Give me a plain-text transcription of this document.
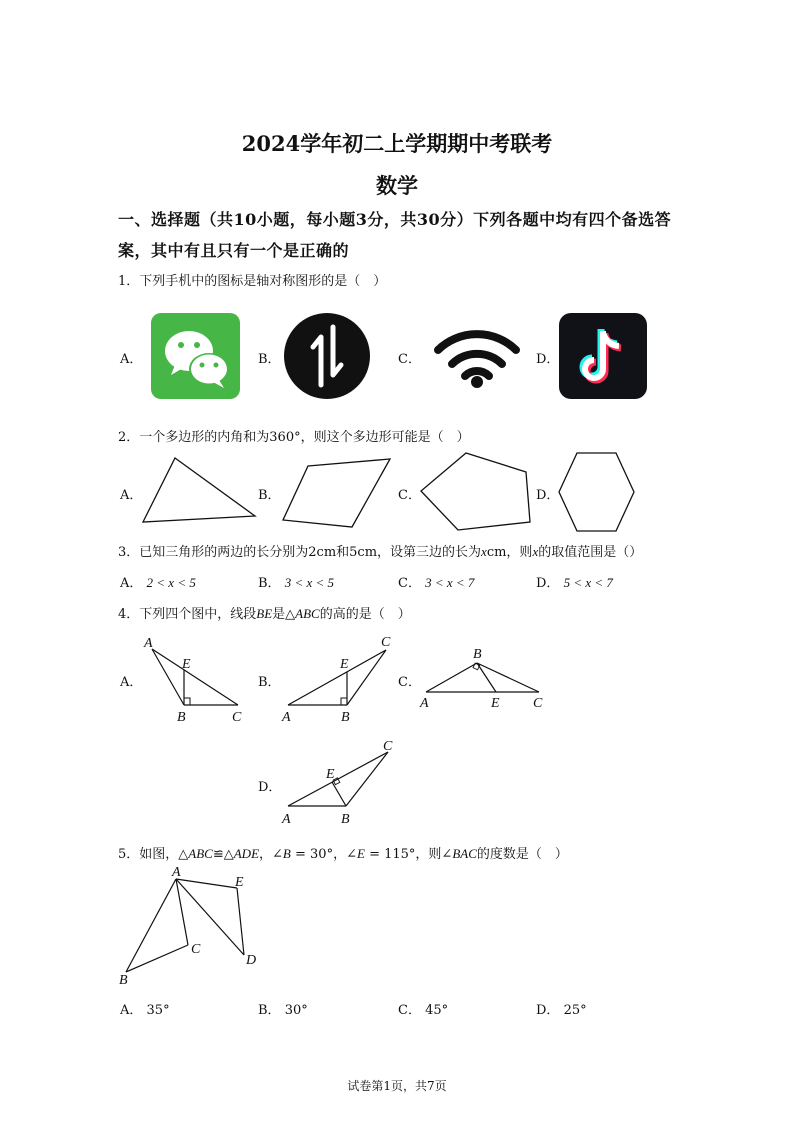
2024学年初二上学期期中考联考
数学
一、选择题（共10小题，每小题3分，共30分）下列各题中均有四个备选答
案，其中有且只有一个是正确的
1．下列手机中的图标是轴对称图形的是（　）
A．	B．	C．	D．
2．一个多边形的内角和为360°，则这个多边形可能是（　）
A．	B．	C．	D．
3．已知三角形的两边的长分别为2cm和5cm，设第三边的长为xcm，则x的取值范围是（）
A． 2 < x < 5	B． 3 < x < 5	C． 3 < x < 7	D． 5 < x < 7
4．下列四个图中，线段BE是△ABC的高的是（　）
A．
A
E
B	C
B．
A	B
C
E
C．
B
A	E C
D．
C
E
A	B
5．如图，△ABC≌△ADE，∠B = 30°，∠E = 115°，则∠BAC的度数是（　）
A
E
C
D
B
A． 35°	B． 30°	C． 45°	D． 25°
试卷第1页，共7页
